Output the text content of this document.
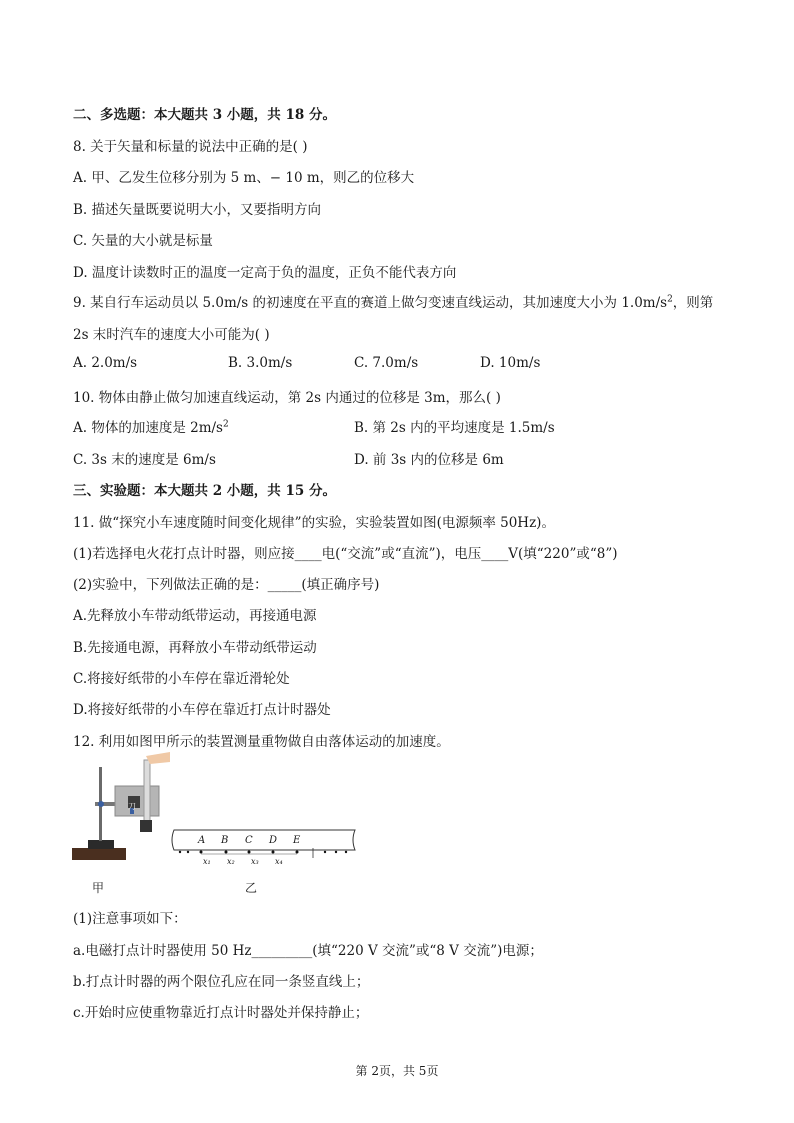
二、多选题：本大题共 3 小题，共 18 分。
8. 关于矢量和标量的说法中正确的是( )
A. 甲、乙发生位移分别为 5 m、− 10 m，则乙的位移大
B. 描述矢量既要说明大小，又要指明方向
C. 矢量的大小就是标量
D. 温度计读数时正的温度一定高于负的温度，正负不能代表方向
9. 某自行车运动员以 5.0m/s 的初速度在平直的赛道上做匀变速直线运动，其加速度大小为 $1.0m/s^2$，则第
2s 末时汽车的速度大小可能为( )
A. 2.0m/s	B. 3.0m/s	C. 7.0m/s	D. 10m/s
10. 物体由静止做匀加速直线运动，第 2s 内通过的位移是 3m，那么( )
A. 物体的加速度是 $2m/s^2$	B. 第 2s 内的平均速度是 1.5m/s
C. 3s 末的速度是 6m/s	D. 前 3s 内的位移是 6m
三、实验题：本大题共 2 小题，共 15 分。
11. 做“探究小车速度随时间变化规律”的实验，实验装置如图(电源频率 50Hz)。
(1)若选择电火花打点计时器，则应接____电(“交流”或“直流”)，电压____V(填“220”或“8”)
(2)实验中，下列做法正确的是：_____(填正确序号)
A.先释放小车带动纸带运动，再接通电源
B.先接通电源，再释放小车带动纸带运动
C.将接好纸带的小车停在靠近滑轮处
D.将接好纸带的小车停在靠近打点计时器处
12. 利用如图甲所示的装置测量重物做自由落体运动的加速度。
刀
甲	乙
A B C D E
x₁ x₂ x₃ x₄
(1)注意事项如下：
a.电磁打点计时器使用 50 Hz_________(填“220 V 交流”或“8 V 交流”)电源；
b.打点计时器的两个限位孔应在同一条竖直线上；
c.开始时应使重物靠近打点计时器处并保持静止；
第 2页，共 5页
